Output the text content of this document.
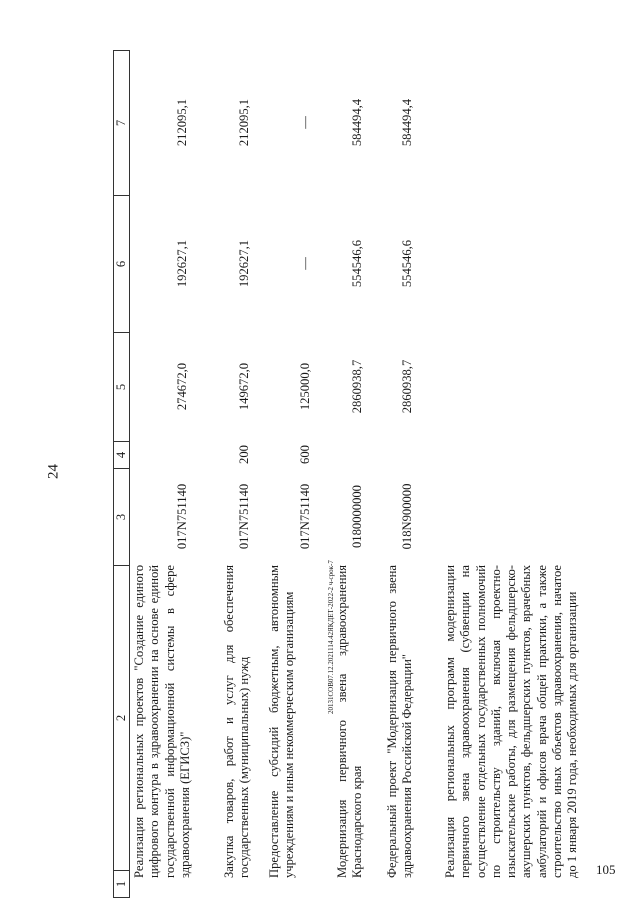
24
105
20131COB07.12.2021114.42ЯКДЕТ-2022-2 ч-срок-7
1
2
3
4
5
6
7
Реализация региональных проектов "Создание единого цифрового контура в здравоохранении на основе единой государственной информационной системы в сфере здравоохранения (ЕГИСЗ)"
017N751140
274672,0
192627,1
212095,1
Закупка товаров, работ и услуг для обеспечения государственных (муниципальных) нужд
017N751140
200
149672,0
192627,1
212095,1
Предоставление субсидий бюджетным, автономным учреждениям и иным некоммерческим организациям
017N751140
600
125000,0
—
—
Модернизация первичного звена здравоохранения Краснодарского края
0180000000
2860938,7
554546,6
584494,4
Федеральный проект "Модернизация первичного звена здравоохранения Российской Федерации"
018N900000
2860938,7
554546,6
584494,4
Реализация региональных программ модернизации первичного звена здравоохранения (субвенции на осуществление отдельных государственных полномочий по строительству зданий, включая проектно-изыскательские работы, для размещения фельдшерско-акушерских пунктов, фельдшерских пунктов, врачебных амбулаторий и офисов врача общей практики, а также строительство иных объектов здравоохранения, начатое до 1 января 2019 года, необходимых для организации
